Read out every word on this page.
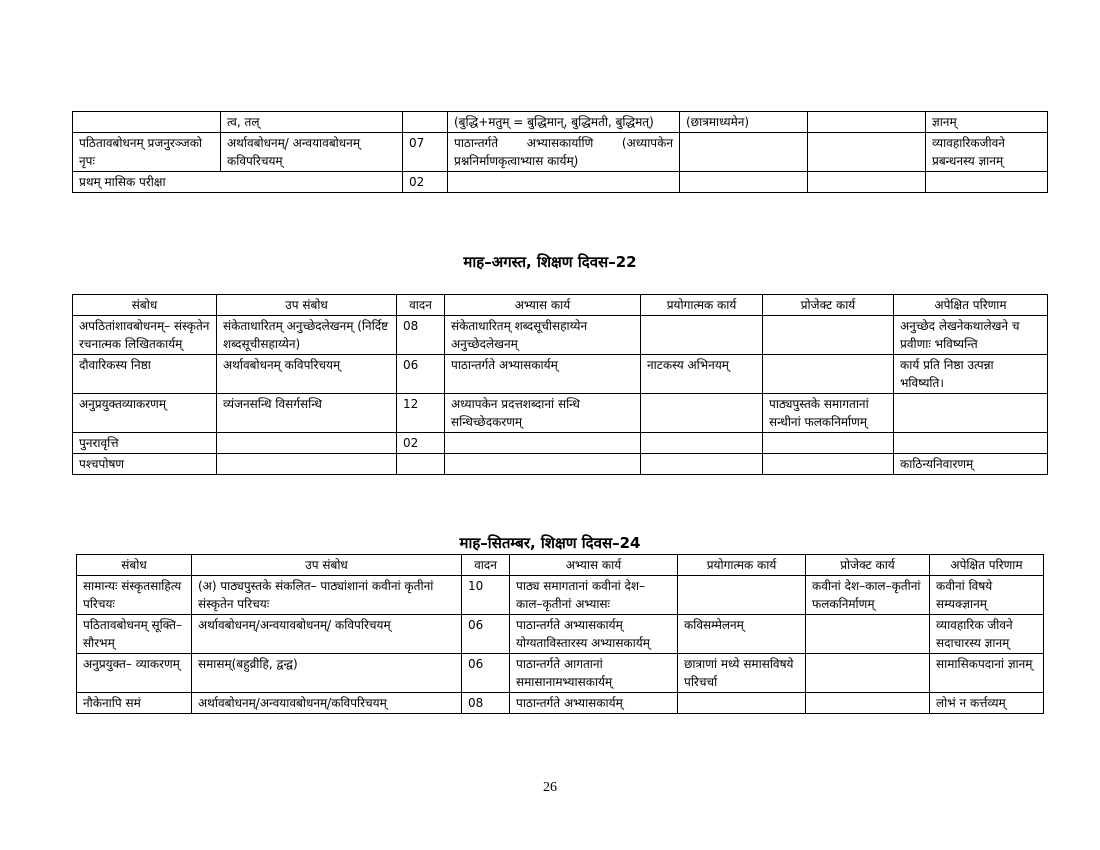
	त्व, तल्		(बुद्धि+मतुम् = बुद्धिमान्, बुद्धिमती, बुद्धिमत्)	(छात्रमाध्यमेन)		ज्ञानम्
पठितावबोधनम् प्रजनुरञ्जको नृपः	अर्थावबोधनम्/ अन्वयावबोधनम् कविपरिचयम्	07	पाठान्तर्गते अभ्यासकार्याणि (अध्यापकेन प्रश्ननिर्माणकृत्वाभ्यास कार्यम्)			व्यावहारिकजीवने प्रबन्धनस्य ज्ञानम्
प्रथम् मासिक परीक्षा		02				
माह–अगस्त, शिक्षण दिवस–22
संबोध	उप संबोध	वादन	अभ्यास कार्य	प्रयोगात्मक कार्य	प्रोजेक्ट कार्य	अपेक्षित परिणाम
अपठितांशावबोधनम्– संस्कृतेन रचनात्मक लिखितकार्यम्	संकेताधारितम् अनुच्छेदलेखनम् (निर्दिष्ट शब्दसूचीसहाय्येन)	08	संकेताधारितम् शब्दसूचीसहाय्येन अनुच्छेदलेखनम्			अनुच्छेद लेखनेकथालेखने च प्रवीणाः भविष्यन्ति
दौवारिकस्य निष्ठा	अर्थावबोधनम् कविपरिचयम्	06	पाठान्तर्गते अभ्यासकार्यम्	नाटकस्य अभिनयम्		कार्य प्रति निष्ठा उत्पन्ना भविष्यति।
अनुप्रयुक्तव्याकरणम्	व्यंजनसन्धि विसर्गसन्धि	12	अध्यापकेन प्रदत्तशब्दानां सन्धि सन्धिच्छेदकरणम्		पाठ्यपुस्तके समागतानां सन्धीनां फलकनिर्माणम्	
पुनरावृत्ति		02				
पश्चपोषण						काठिन्यनिवारणम्
माह–सितम्बर, शिक्षण दिवस–24
संबोध	उप संबोध	वादन	अभ्यास कार्य	प्रयोगात्मक कार्य	प्रोजेक्ट कार्य	अपेक्षित परिणाम
सामान्यः संस्कृतसाहित्य परिचयः	(अ) पाठ्यपुस्तके संकलित– पाठ्यांशानां कवीनां कृतीनां संस्कृतेन परिचयः	10	पाठ्य समागतानां कवीनां देश–काल–कृतीनां अभ्यासः		कवीनां देश–काल–कृतीनां फलकनिर्माणम्	कवीनां विषये सम्यक्ज्ञानम्
पठितावबोधनम् सूक्ति–सौरभम्	अर्थावबोधनम्/अन्वयावबोधनम्/ कविपरिचयम्	06	पाठान्तर्गते अभ्यासकार्यम् योग्यताविस्तारस्य अभ्यासकार्यम्	कविसम्मेलनम्		व्यावहारिक जीवने सदाचारस्य ज्ञानम्
अनुप्रयुक्त– व्याकरणम्	समासम्(बहुव्रीहि, द्वन्द्व)	06	पाठान्तर्गते आगतानां समासानामभ्यासकार्यम्	छात्राणां मध्ये समासविषये परिचर्चा		सामासिकपदानां ज्ञानम्
नौकेनापि समं	अर्थावबोधनम्/अन्वयावबोधनम्/कविपरिचयम्	08	पाठान्तर्गते अभ्यासकार्यम्			लोभं न कर्त्तव्यम्
26
